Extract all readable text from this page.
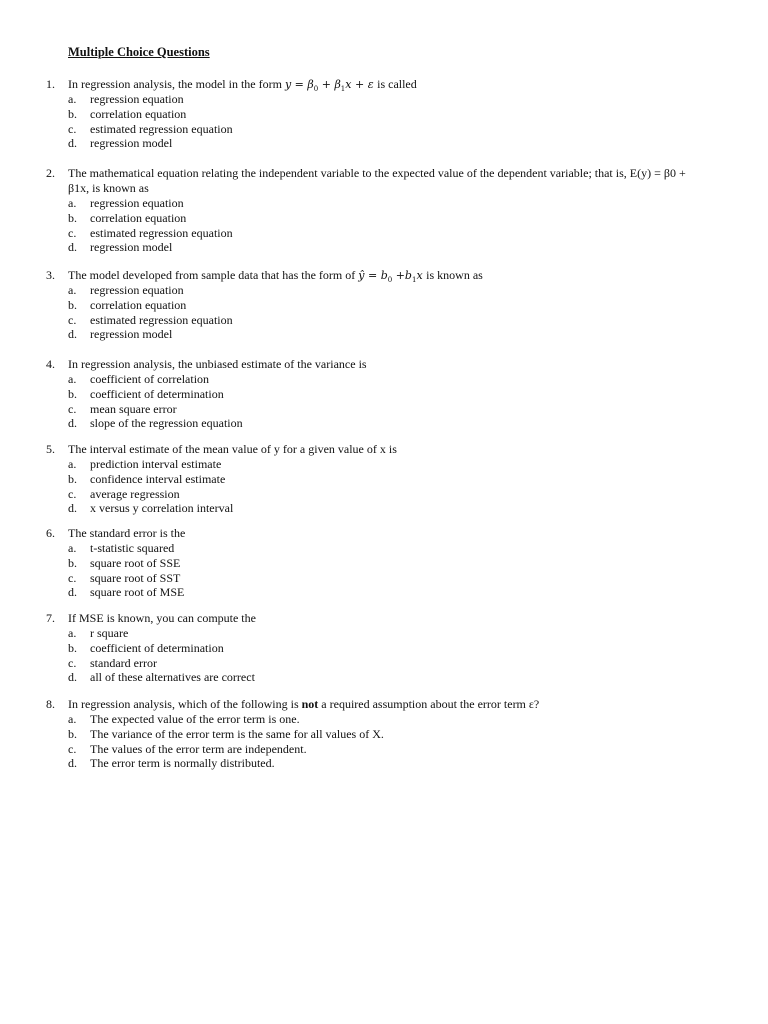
Multiple Choice Questions
1. In regression analysis, the model in the form $y = \beta_0 + \beta_1x + \varepsilon$ is called
a. regression equation
b. correlation equation
c. estimated regression equation
d. regression model
2. The mathematical equation relating the independent variable to the expected value of the dependent variable; that is, E(y) = β0 +
β1x, is known as
a. regression equation
b. correlation equation
c. estimated regression equation
d. regression model
3. The model developed from sample data that has the form of ŷ = $b_0 +b_1x$ is known as
a. regression equation
b. correlation equation
c. estimated regression equation
d. regression model
4. In regression analysis, the unbiased estimate of the variance is
a. coefficient of correlation
b. coefficient of determination
c. mean square error
d. slope of the regression equation
5. The interval estimate of the mean value of y for a given value of x is
a. prediction interval estimate
b. confidence interval estimate
c. average regression
d. x versus y correlation interval
6. The standard error is the
a. t-statistic squared
b. square root of SSE
c. square root of SST
d. square root of MSE
7. If MSE is known, you can compute the
a. r square
b. coefficient of determination
c. standard error
d. all of these alternatives are correct
8. In regression analysis, which of the following is not a required assumption about the error term ε?
a. The expected value of the error term is one.
b. The variance of the error term is the same for all values of X.
c. The values of the error term are independent.
d. The error term is normally distributed.
